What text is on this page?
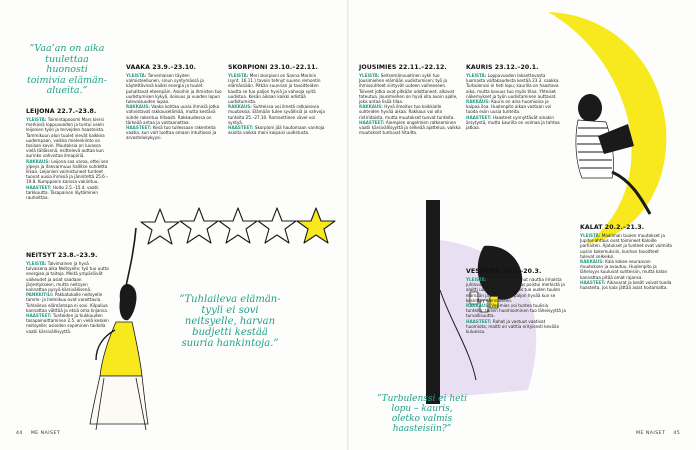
”Vaa’an on aika tuulettaa huonosti toimivia elämän-alueita.”
LEIJONA 22.7.–23.8.

YLEISTÄ: Toimintapoosmi Mars kiersi merkissä loppuvuoden ja tuntui usein leijonien työn ja tervejden haasteista. Tammikuun alun tuulet vievät kaikkea uudempaan, vaikka mielenkiinto on tosiaan kovin. Muutoksia on luvassa vielä tälläisenä, esittelevä auttaa kun aurinko vahvistaa ilmapiiriä.

RAKKAUS: Leijona saa varoa, ettei sen ylpeys ja itsevarmuus hallitse suhdetta liikaa. Leijonien voimistuneet tunteet tuovat uusia ihmisiä ja jännitettä 25.6.–19.8. Kumppanin kanssa vakiintuu.

HAASTEET: Hoito 2.5.–15.4. vaatii tarkkuutta. Tasapainon löytäminen rauhoittaa.

NEITSYT 23.8.–23.9.

YLEISTÄ: Talvimainen ja hyvä tulvaisena aika Neitsyelle; työ tuo uutta energiaa ja taitoja. Meitä ympäröivät vaikeudet ja asiat saadaan järjestykseen, mutta neitsyen kannattaa pysyä kärsivällisenä.

PANKKITILI: Pakkatukalle neitsyelle tammi- ja helmikuu ovat varoittavia. Tuhlaileva elämäntapa ei sovi. Kilpailua kannattaa välttää ja etsiä oma linjansa.

HAASTEET: Tunteiden ja tiukkuuden tasapainoittaminen 2.5. on vielä kesken neitsyelle; asioiden sopiminen taidolla vaatii kärsivällisyyttä.

VAAKA 23.9.–23.10.

YLEISTÄ: Tarvemaisen täyden valmisteellunen, sinun syntymässä ja käytettävissä kaikki energia ja tuulet puhaltavat eteenpäin. Asioihin ja ihmisten tuo uudistumisen kykyä, iloisuus ja vuoden lopun tulevaisuuden lupaa.

RAKKAUS: Vaaka kohtaa uusia ihmisiä jotka vahvistavat rakkauselämää, mutta kestävä suhde rakentuu hitaasti. Rakkaudessa on tärkeää antaa ja vastaanottaa.

HAASTEET: Kesä tuo tullessaan rakenteita vaatia, kun voit luottaa omaan intuitioosi ja arvostelukykyysi.

SKORPIONI 23.10.–22.11.

YLEISTÄ: Meri skorpioni on Sanna Marinin (synt. 16.11.) tavoin tehnyt suuren remontin elämässään. Pitkän suunnan ja tavoitteiden kautta se tuo paljon hyviä ja vahvoja syitä uudistua. Kesän aikaan kaikki edistää uudistumista.

RAKKAUS: Suhteissa voi ilmetä ratkaisevia muutoksia. Elämään tulee syvällisiä ja vahvoja tunteita 25.–27.10. Romanttinen sävel voi syntyä.

HAASTEET: Skorpioni jää hautomaan vanhoja asioita vaikka moni kaipaisi uudistusta.

”Tuhlaileva elämän-tyyli ei sovi neitsyelle, harvan budjetti kestää suuria hankintoja.”
JOUSIMIES 22.11.–22.12.

YLEISTÄ: Seitsemänvuotinen sykli tuo Jousimiehen elämään uudistumisen; työ ja ihmissuhteet siirtyvät uuteen vaiheeseen. Toiveet jotka ovat pitkään odottaneet, alkavat toteutua. Jousimiehen on hyvä olla avoin ajalle, joka antaa lisää tilaa.

RAKKAUS: Hyvä ilmoitus tuo kaikkialle suhteiden hyvää aikaa. Rakkaus voi olla ristiriitaista, mutta muutokset tuovat tunteita.

HAASTEET: Aiempien ongelmien ratkeaminen vaatii kärsivällisyyttä ja selkeää ajattelua, vaikka muutokset tuntuvat hitailta.

KAURIS 23.12.–20.1.

YLEISTÄ: Loppuvuoden lakanttavasta luomasta valtakaudesta kestää 23.3. saakka. Turbulenssi ei heti lopu; kaurilla on haastava aika, mutta kovuus tuo myös tilaa. Yhteiset näkemykset ja työn uudistaminen auttavat.

RAKKAUS: Kauris on aina huomioiva ja kaipaa iloa. Huolenpito aikaa vastaan voi tuoda esiin uusia tunteita.

HAASTEET: Haasteet synnyttävät ainakin ärsytystä, mutta kaurilla on voimaa ja tahtoa jatkaa.

VESIMIES 20.1.–20.3.

YLEISTÄ: Vesimies on saanut nauttia ilmaista juhlavuodesta, kun Saturnus poistui merkistä ja aloitti uuden ajan. Vesimies tuo uuden tuulen elämään ja saa aikaan paljon hyvää kun se keskittyy olennaiseen.

RAKKAUS: Vesimies voi tuntea tuulisia tunteita; toisen huomioiminen tuo läheisyyttä ja turvallisuutta.

HAASTEET: Rahat ja vastuut vaativat huomiota; maltti on valttia erityisesti kevään kuluessa.

KALAT 20.2.–21.3.

YLEISTÄ: Maaliman tuulen muutokset ja Jupiter-ahtaus ovat toimineet Kaloille parhaiten. Ajatukset ja tunteet ovat valmiita uusiin kokemuksiin, kunhan tavoitteet tulevat selkeiksi.

RAKKAUS: Kala kokee seuraavan muutoksen ja avautuu. Huolenpito ja läheisyys kuuluvat suhteisiin, mutta kalan kannattaa pitää omat rajansa.

HAASTEET: Aikavarat ja kesät voivat tuoda haasteita, jos kala jättää asiat hoitamatta.

”Turbulenssi ei heti lopu – kauris, oletko valmis haasteisiin?”
44 ME NAISET	ME NAISET 45
